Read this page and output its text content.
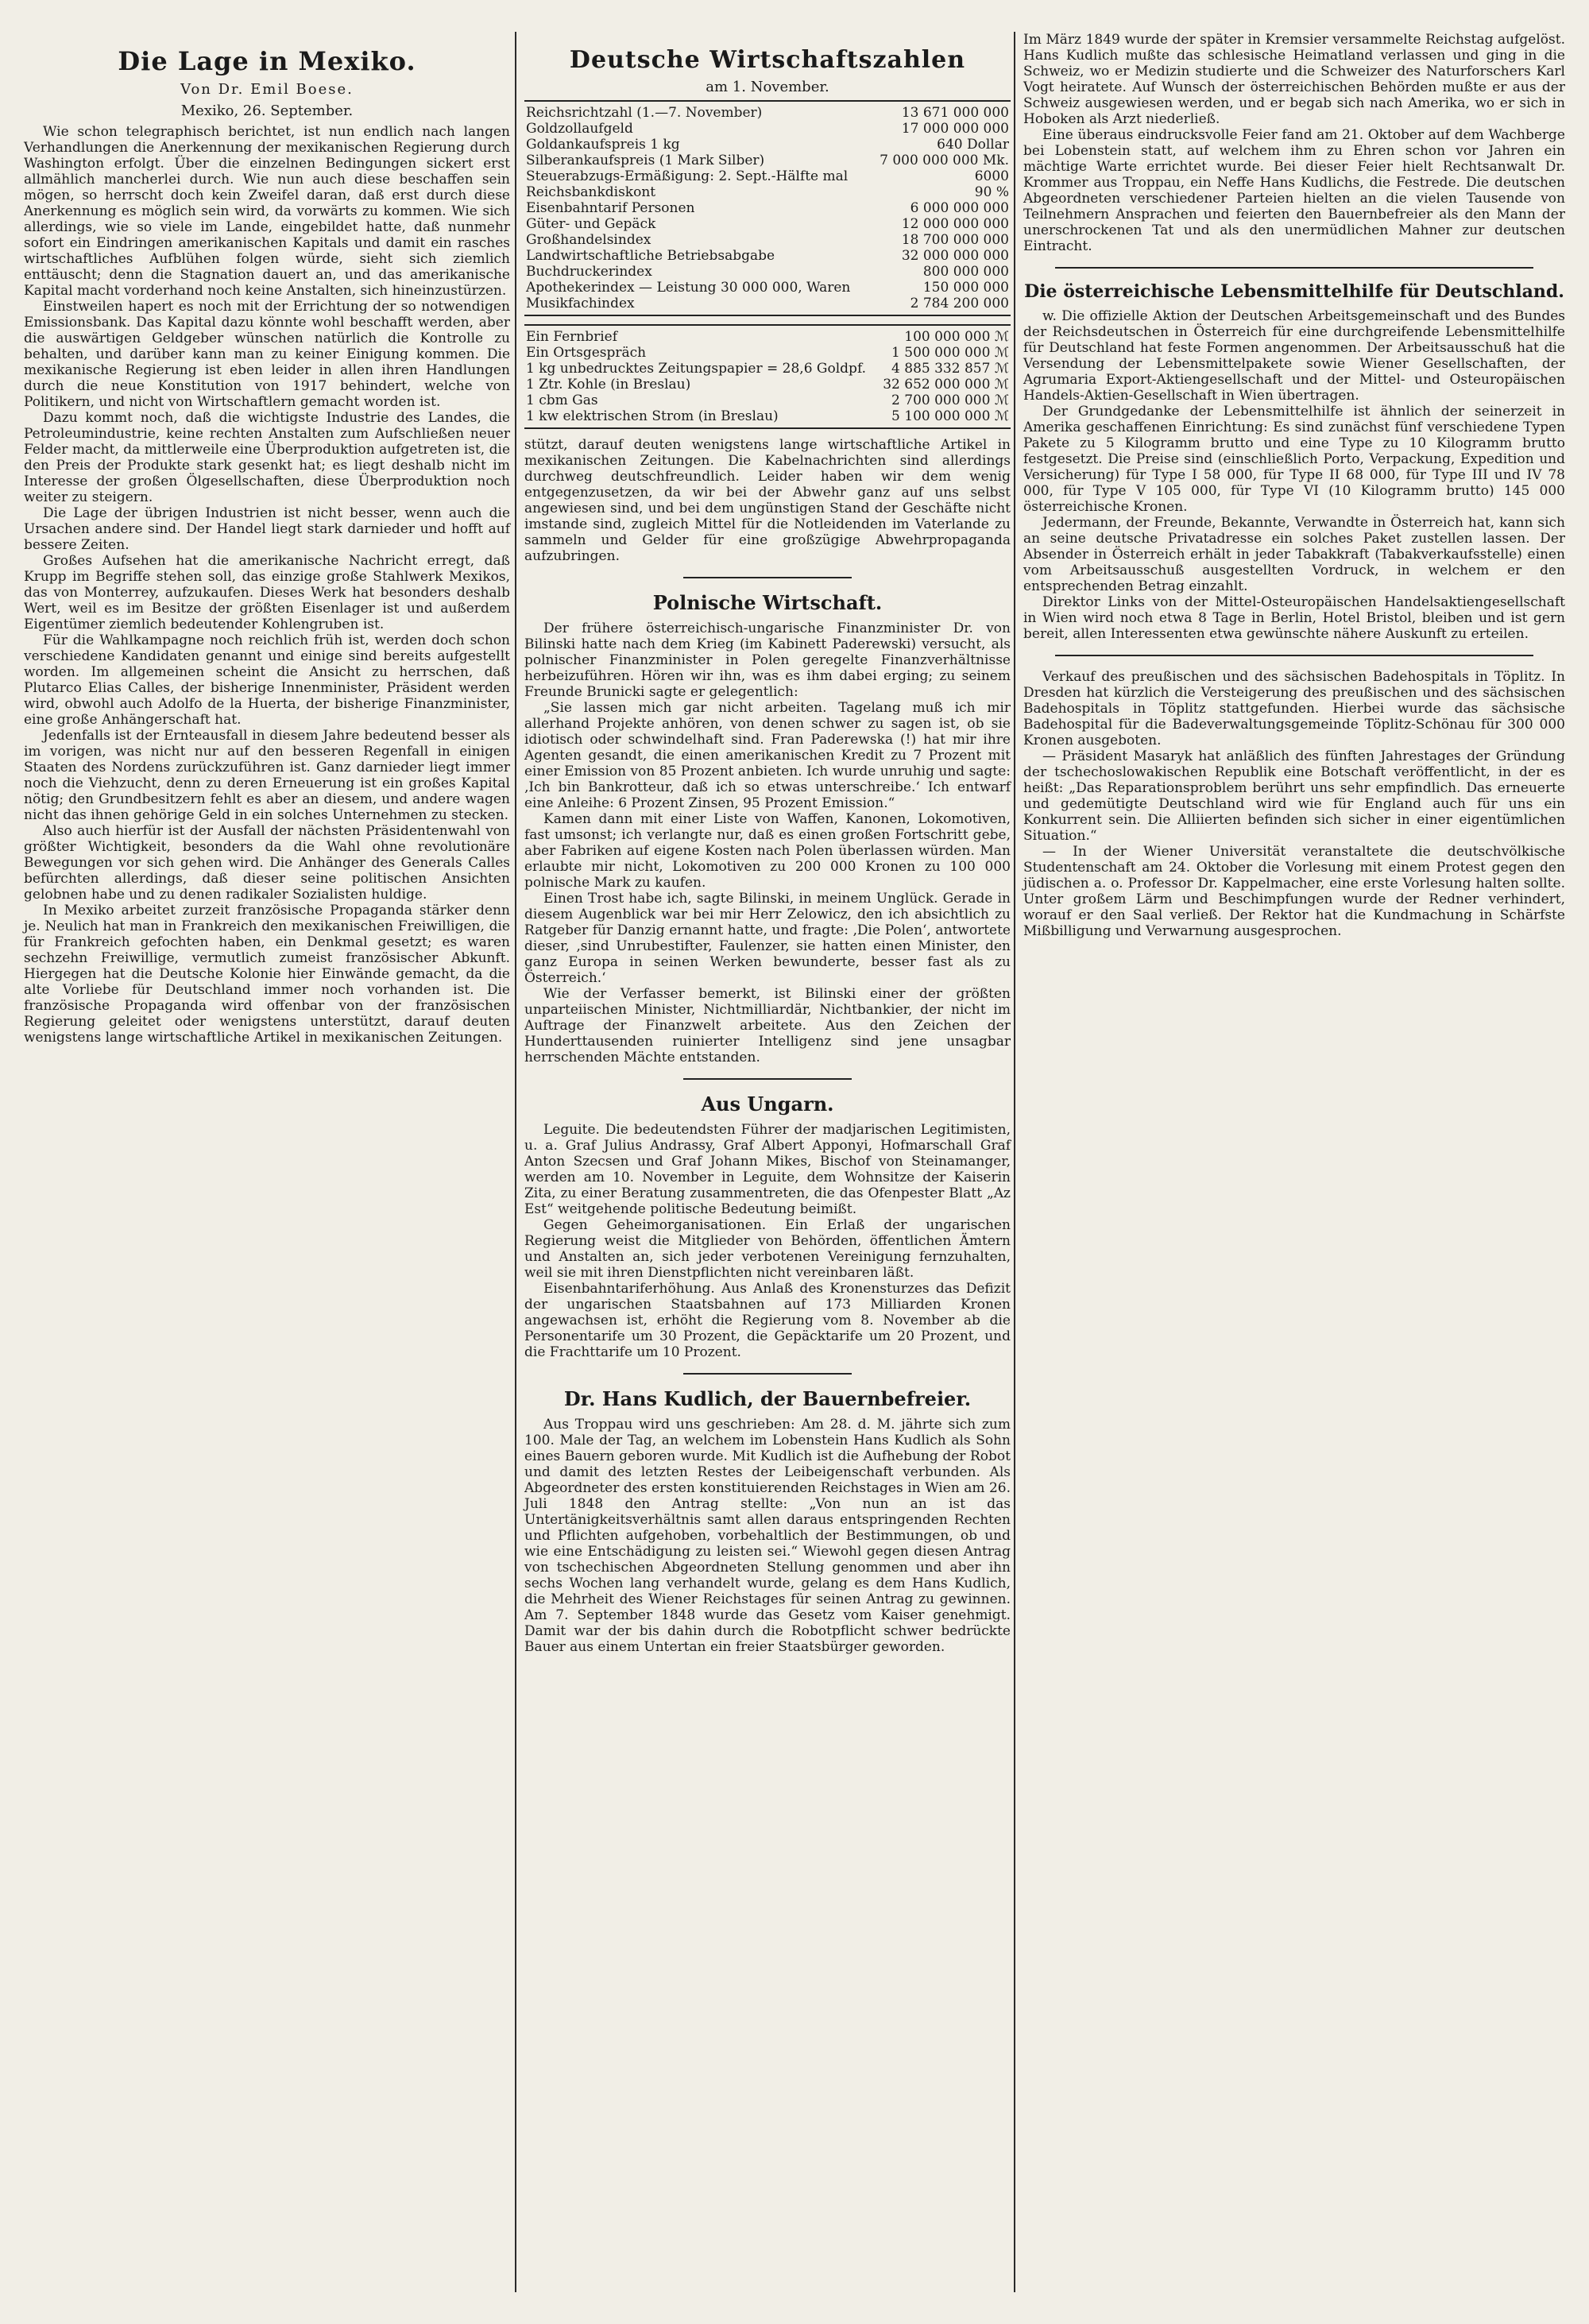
Die Lage in Mexiko.
Von Dr. Emil Boese.
Mexiko, 26. September.

Wie schon telegraphisch berichtet, ist nun endlich nach langen Verhandlungen die Anerkennung der mexikanischen Regierung durch Washington erfolgt. Über die einzelnen Bedingungen sickert erst allmählich mancherlei durch. Wie nun auch diese beschaffen sein mögen, so herrscht doch kein Zweifel daran, daß erst durch diese Anerkennung es möglich sein wird, da vorwärts zu kommen. Wie sich allerdings, wie so viele im Lande, eingebildet hatte, daß nunmehr sofort ein Eindringen amerikanischen Kapitals und damit ein rasches wirtschaftliches Aufblühen folgen würde, sieht sich ziemlich enttäuscht; denn die Stagnation dauert an, und das amerikanische Kapital macht vorderhand noch keine Anstalten, sich hineinzustürzen.

Einstweilen hapert es noch mit der Errichtung der so notwendigen Emissionsbank. Das Kapital dazu könnte wohl beschafft werden, aber die auswärtigen Geldgeber wünschen natürlich die Kontrolle zu behalten, und darüber kann man zu keiner Einigung kommen. Die mexikanische Regierung ist eben leider in allen ihren Handlungen durch die neue Konstitution von 1917 behindert, welche von Politikern, und nicht von Wirtschaftlern gemacht worden ist.

Dazu kommt noch, daß die wichtigste Industrie des Landes, die Petroleumindustrie, keine rechten Anstalten zum Aufschließen neuer Felder macht, da mittlerweile eine Überproduktion aufgetreten ist, die den Preis der Produkte stark gesenkt hat; es liegt deshalb nicht im Interesse der großen Ölgesellschaften, diese Überproduktion noch weiter zu steigern.

Die Lage der übrigen Industrien ist nicht besser, wenn auch die Ursachen andere sind. Der Handel liegt stark darnieder und hofft auf bessere Zeiten.

Großes Aufsehen hat die amerikanische Nachricht erregt, daß Krupp im Begriffe stehen soll, das einzige große Stahlwerk Mexikos, das von Monterrey, aufzukaufen. Dieses Werk hat besonders deshalb Wert, weil es im Besitze der größten Eisenlager ist und außerdem Eigentümer ziemlich bedeutender Kohlengruben ist.

Für die Wahlkampagne noch reichlich früh ist, werden doch schon verschiedene Kandidaten genannt und einige sind bereits aufgestellt worden. Im allgemeinen scheint die Ansicht zu herrschen, daß Plutarco Elias Calles, der bisherige Innenminister, Präsident werden wird, obwohl auch Adolfo de la Huerta, der bisherige Finanzminister, eine große Anhängerschaft hat.

Jedenfalls ist der Ernteausfall in diesem Jahre bedeutend besser als im vorigen, was nicht nur auf den besseren Regenfall in einigen Staaten des Nordens zurückzuführen ist. Ganz darnieder liegt immer noch die Viehzucht, denn zu deren Erneuerung ist ein großes Kapital nötig; den Grundbesitzern fehlt es aber an diesem, und andere wagen nicht das ihnen gehörige Geld in ein solches Unternehmen zu stecken.

Also auch hierfür ist der Ausfall der nächsten Präsidentenwahl von größter Wichtigkeit, besonders da die Wahl ohne revolutionäre Bewegungen vor sich gehen wird. Die Anhänger des Generals Calles befürchten allerdings, daß dieser seine politischen Ansichten gelobnen habe und zu denen radikaler Sozialisten huldige.

In Mexiko arbeitet zurzeit französische Propaganda stärker denn je. Neulich hat man in Frankreich den mexikanischen Freiwilligen, die für Frankreich gefochten haben, ein Denkmal gesetzt; es waren sechzehn Freiwillige, vermutlich zumeist französischer Abkunft. Hiergegen hat die Deutsche Kolonie hier Einwände gemacht, da die alte Vorliebe für Deutschland immer noch vorhanden ist. Die französische Propaganda wird offenbar von der französischen Regierung geleitet oder wenigstens unterstützt, darauf deuten wenigstens lange wirtschaftliche Artikel in mexikanischen Zeitungen.

Deutsche Wirtschaftszahlen
am 1. November.
Reichsrichtzahl (1.—7. November)	13 671 000 000
Goldzollaufgeld	17 000 000 000
Goldankaufspreis 1 kg	640 Dollar
Silberankaufspreis (1 Mark Silber)	7 000 000 000 Mk.
Steuerabzugs-Ermäßigung: 2. Sept.-Hälfte mal	6000
Reichsbankdiskont	90 %
Eisenbahntarif Personen	6 000 000 000
Güter- und Gepäck	12 000 000 000
Großhandelsindex	18 700 000 000
Landwirtschaftliche Betriebsabgabe	32 000 000 000
Buchdruckerindex	800 000 000
Apothekerindex — Leistung 30 000 000, Waren	150 000 000
Musikfachindex	2 784 200 000
Ein Fernbrief	100 000 000 ℳ
Ein Ortsgespräch	1 500 000 000 ℳ
1 kg unbedrucktes Zeitungspapier = 28,6 Goldpf.	4 885 332 857 ℳ
1 Ztr. Kohle (in Breslau)	32 652 000 000 ℳ
1 cbm Gas	2 700 000 000 ℳ
1 kw elektrischen Strom (in Breslau)	5 100 000 000 ℳ

stützt, darauf deuten wenigstens lange wirtschaftliche Artikel in mexikanischen Zeitungen. Die Kabelnachrichten sind allerdings durchweg deutschfreundlich. Leider haben wir dem wenig entgegenzusetzen, da wir bei der Abwehr ganz auf uns selbst angewiesen sind, und bei dem ungünstigen Stand der Geschäfte nicht imstande sind, zugleich Mittel für die Notleidenden im Vaterlande zu sammeln und Gelder für eine großzügige Abwehrpropaganda aufzubringen.

Polnische Wirtschaft.

Der frühere österreichisch-ungarische Finanzminister Dr. von Bilinski hatte nach dem Krieg (im Kabinett Paderewski) versucht, als polnischer Finanzminister in Polen geregelte Finanzverhältnisse herbeizuführen. Hören wir ihn, was es ihm dabei erging; zu seinem Freunde Brunicki sagte er gelegentlich:

„Sie lassen mich gar nicht arbeiten. Tagelang muß ich mir allerhand Projekte anhören, von denen schwer zu sagen ist, ob sie idiotisch oder schwindelhaft sind. Fran Paderewska (!) hat mir ihre Agenten gesandt, die einen amerikanischen Kredit zu 7 Prozent mit einer Emission von 85 Prozent anbieten. Ich wurde unruhig und sagte: ‚Ich bin Bankrotteur, daß ich so etwas unterschreibe.‘ Ich entwarf eine Anleihe: 6 Prozent Zinsen, 95 Prozent Emission.“

Kamen dann mit einer Liste von Waffen, Kanonen, Lokomotiven, fast umsonst; ich verlangte nur, daß es einen großen Fortschritt gebe, aber Fabriken auf eigene Kosten nach Polen überlassen würden. Man erlaubte mir nicht, Lokomotiven zu 200 000 Kronen zu 100 000 polnische Mark zu kaufen.

Einen Trost habe ich, sagte Bilinski, in meinem Unglück. Gerade in diesem Augenblick war bei mir Herr Zelowicz, den ich absichtlich zu Ratgeber für Danzig ernannt hatte, und fragte: ‚Die Polen‘, antwortete dieser, ‚sind Unrubestifter, Faulenzer, sie hatten einen Minister, den ganz Europa in seinen Werken bewunderte, besser fast als zu Österreich.‘

Wie der Verfasser bemerkt, ist Bilinski einer der größten unparteiischen Minister, Nichtmilliardär, Nichtbankier, der nicht im Auftrage der Finanzwelt arbeitete. Aus den Zeichen der Hunderttausenden ruinierter Intelligenz sind jene unsagbar herrschenden Mächte entstanden.

Aus Ungarn.

Leguite. Die bedeutendsten Führer der madjarischen Legitimisten, u. a. Graf Julius Andrassy, Graf Albert Apponyi, Hofmarschall Graf Anton Szecsen und Graf Johann Mikes, Bischof von Steinamanger, werden am 10. November in Leguite, dem Wohnsitze der Kaiserin Zita, zu einer Beratung zusammentreten, die das Ofenpester Blatt „Az Est“ weitgehende politische Bedeutung beimißt.

Gegen Geheimorganisationen. Ein Erlaß der ungarischen Regierung weist die Mitglieder von Behörden, öffentlichen Ämtern und Anstalten an, sich jeder verbotenen Vereinigung fernzuhalten, weil sie mit ihren Dienstpflichten nicht vereinbaren läßt.

Eisenbahntariferhöhung. Aus Anlaß des Kronensturzes das Defizit der ungarischen Staatsbahnen auf 173 Milliarden Kronen angewachsen ist, erhöht die Regierung vom 8. November ab die Personentarife um 30 Prozent, die Gepäcktarife um 20 Prozent, und die Frachttarife um 10 Prozent.

Dr. Hans Kudlich, der Bauernbefreier.

Aus Troppau wird uns geschrieben: Am 28. d. M. jährte sich zum 100. Male der Tag, an welchem im Lobenstein Hans Kudlich als Sohn eines Bauern geboren wurde. Mit Kudlich ist die Aufhebung der Robot und damit des letzten Restes der Leibeigenschaft verbunden. Als Abgeordneter des ersten konstituierenden Reichstages in Wien am 26. Juli 1848 den Antrag stellte: „Von nun an ist das Untertänigkeitsverhältnis samt allen daraus entspringenden Rechten und Pflichten aufgehoben, vorbehaltlich der Bestimmungen, ob und wie eine Entschädigung zu leisten sei.“ Wiewohl gegen diesen Antrag von tschechischen Abgeordneten Stellung genommen und aber ihn sechs Wochen lang verhandelt wurde, gelang es dem Hans Kudlich, die Mehrheit des Wiener Reichstages für seinen Antrag zu gewinnen. Am 7. September 1848 wurde das Gesetz vom Kaiser genehmigt. Damit war der bis dahin durch die Robotpflicht schwer bedrückte Bauer aus einem Untertan ein freier Staatsbürger geworden.

Im März 1849 wurde der später in Kremsier versammelte Reichstag aufgelöst. Hans Kudlich mußte das schlesische Heimatland verlassen und ging in die Schweiz, wo er Medizin studierte und die Schweizer des Naturforschers Karl Vogt heiratete. Auf Wunsch der österreichischen Behörden mußte er aus der Schweiz ausgewiesen werden, und er begab sich nach Amerika, wo er sich in Hoboken als Arzt niederließ.

Eine überaus eindrucksvolle Feier fand am 21. Oktober auf dem Wachberge bei Lobenstein statt, auf welchem ihm zu Ehren schon vor Jahren ein mächtige Warte errichtet wurde. Bei dieser Feier hielt Rechtsanwalt Dr. Krommer aus Troppau, ein Neffe Hans Kudlichs, die Festrede. Die deutschen Abgeordneten verschiedener Parteien hielten an die vielen Tausende von Teilnehmern Ansprachen und feierten den Bauernbefreier als den Mann der unerschrockenen Tat und als den unermüdlichen Mahner zur deutschen Eintracht.

Die österreichische Lebensmittelhilfe für Deutschland.

w. Die offizielle Aktion der Deutschen Arbeitsgemeinschaft und des Bundes der Reichsdeutschen in Österreich für eine durchgreifende Lebensmittelhilfe für Deutschland hat feste Formen angenommen. Der Arbeitsausschuß hat die Versendung der Lebensmittelpakete sowie Wiener Gesellschaften, der Agrumaria Export-Aktiengesellschaft und der Mittel- und Osteuropäischen Handels-Aktien-Gesellschaft in Wien übertragen.

Der Grundgedanke der Lebensmittelhilfe ist ähnlich der seinerzeit in Amerika geschaffenen Einrichtung: Es sind zunächst fünf verschiedene Typen Pakete zu 5 Kilogramm brutto und eine Type zu 10 Kilogramm brutto festgesetzt. Die Preise sind (einschließlich Porto, Verpackung, Expedition und Versicherung) für Type I 58 000, für Type II 68 000, für Type III und IV 78 000, für Type V 105 000, für Type VI (10 Kilogramm brutto) 145 000 österreichische Kronen.

Jedermann, der Freunde, Bekannte, Verwandte in Österreich hat, kann sich an seine deutsche Privatadresse ein solches Paket zustellen lassen. Der Absender in Österreich erhält in jeder Tabakkraft (Tabakverkaufsstelle) einen vom Arbeitsausschuß ausgestellten Vordruck, in welchem er den entsprechenden Betrag einzahlt.

Direktor Links von der Mittel-Osteuropäischen Handelsaktiengesellschaft in Wien wird noch etwa 8 Tage in Berlin, Hotel Bristol, bleiben und ist gern bereit, allen Interessenten etwa gewünschte nähere Auskunft zu erteilen.

Verkauf des preußischen und des sächsischen Badehospitals in Töplitz. In Dresden hat kürzlich die Versteigerung des preußischen und des sächsischen Badehospitals in Töplitz stattgefunden. Hierbei wurde das sächsische Badehospital für die Badeverwaltungsgemeinde Töplitz-Schönau für 300 000 Kronen ausgeboten.

— Präsident Masaryk hat anläßlich des fünften Jahrestages der Gründung der tschechoslowakischen Republik eine Botschaft veröffentlicht, in der es heißt: „Das Reparationsproblem berührt uns sehr empfindlich. Das erneuerte und gedemütigte Deutschland wird wie für England auch für uns ein Konkurrent sein. Die Alliierten befinden sich sicher in einer eigentümlichen Situation.“

— In der Wiener Universität veranstaltete die deutschvölkische Studentenschaft am 24. Oktober die Vorlesung mit einem Protest gegen den jüdischen a. o. Professor Dr. Kappelmacher, eine erste Vorlesung halten sollte. Unter großem Lärm und Beschimpfungen wurde der Redner verhindert, worauf er den Saal verließ. Der Rektor hat die Kundmachung in Schärfste Mißbilligung und Verwarnung ausgesprochen.
